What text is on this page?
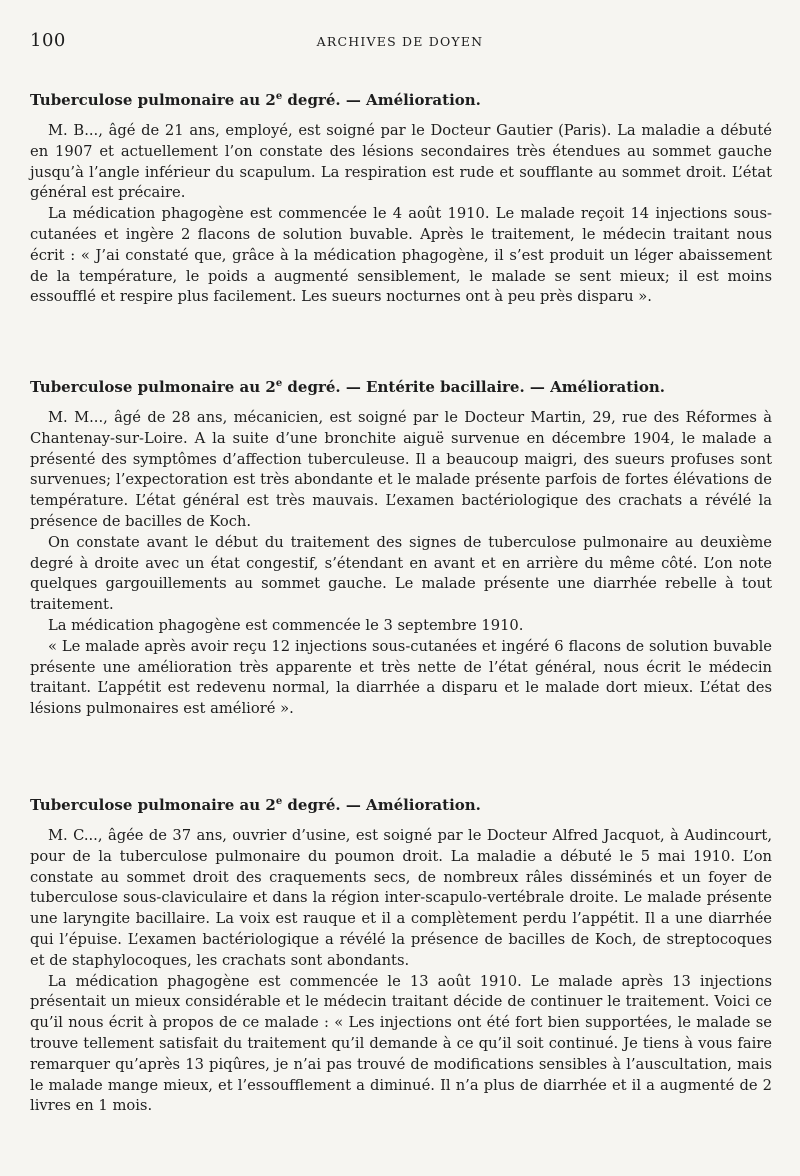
100	ARCHIVES DE DOYEN
Tuberculose pulmonaire au 2e degré. — Amélioration.

M. B..., âgé de 21 ans, employé, est soigné par le Docteur Gautier (Paris). La maladie a débuté en 1907 et actuellement l’on constate des lésions secondaires très étendues au sommet gauche jusqu’à l’angle inférieur du scapulum. La respiration est rude et soufflante au sommet droit. L’état général est précaire.

La médication phagogène est commencée le 4 août 1910. Le malade reçoit 14 injections sous-cutanées et ingère 2 flacons de solution buvable. Après le traitement, le médecin traitant nous écrit : « J’ai constaté que, grâce à la médication phagogène, il s’est produit un léger abaissement de la température, le poids a augmenté sensiblement, le malade se sent mieux; il est moins essoufflé et respire plus facilement. Les sueurs nocturnes ont à peu près disparu ».

Tuberculose pulmonaire au 2e degré. — Entérite bacillaire. — Amélioration.

M. M..., âgé de 28 ans, mécanicien, est soigné par le Docteur Martin, 29, rue des Réformes à Chantenay-sur-Loire. A la suite d’une bronchite aiguë survenue en décembre 1904, le malade a présenté des symptômes d’affection tuberculeuse. Il a beaucoup maigri, des sueurs profuses sont survenues; l’expectoration est très abondante et le malade présente parfois de fortes élévations de température. L’état général est très mauvais. L’examen bactériologique des crachats a révélé la présence de bacilles de Koch.

On constate avant le début du traitement des signes de tuberculose pulmonaire au deuxième degré à droite avec un état congestif, s’étendant en avant et en arrière du même côté. L’on note quelques gargouillements au sommet gauche. Le malade présente une diarrhée rebelle à tout traitement.

La médication phagogène est commencée le 3 septembre 1910.

« Le malade après avoir reçu 12 injections sous-cutanées et ingéré 6 flacons de solution buvable présente une amélioration très apparente et très nette de l’état général, nous écrit le médecin traitant. L’appétit est redevenu normal, la diarrhée a disparu et le malade dort mieux. L’état des lésions pulmonaires est amélioré ».

Tuberculose pulmonaire au 2e degré. — Amélioration.

M. C..., âgée de 37 ans, ouvrier d’usine, est soigné par le Docteur Alfred Jacquot, à Audincourt, pour de la tuberculose pulmonaire du poumon droit. La maladie a débuté le 5 mai 1910. L’on constate au sommet droit des craquements secs, de nombreux râles disséminés et un foyer de tuberculose sous-claviculaire et dans la région inter-scapulo-vertébrale droite. Le malade présente une laryngite bacillaire. La voix est rauque et il a complètement perdu l’appétit. Il a une diarrhée qui l’épuise. L’examen bactériologique a révélé la présence de bacilles de Koch, de streptocoques et de staphylocoques, les crachats sont abondants.

La médication phagogène est commencée le 13 août 1910. Le malade après 13 injections présentait un mieux considérable et le médecin traitant décide de continuer le traitement. Voici ce qu’il nous écrit à propos de ce malade : « Les injections ont été fort bien supportées, le malade se trouve tellement satisfait du traitement qu’il demande à ce qu’il soit continué. Je tiens à vous faire remarquer qu’après 13 piqûres, je n’ai pas trouvé de modifications sensibles à l’auscultation, mais le malade mange mieux, et l’essoufflement a diminué. Il n’a plus de diarrhée et il a augmenté de 2 livres en 1 mois.
